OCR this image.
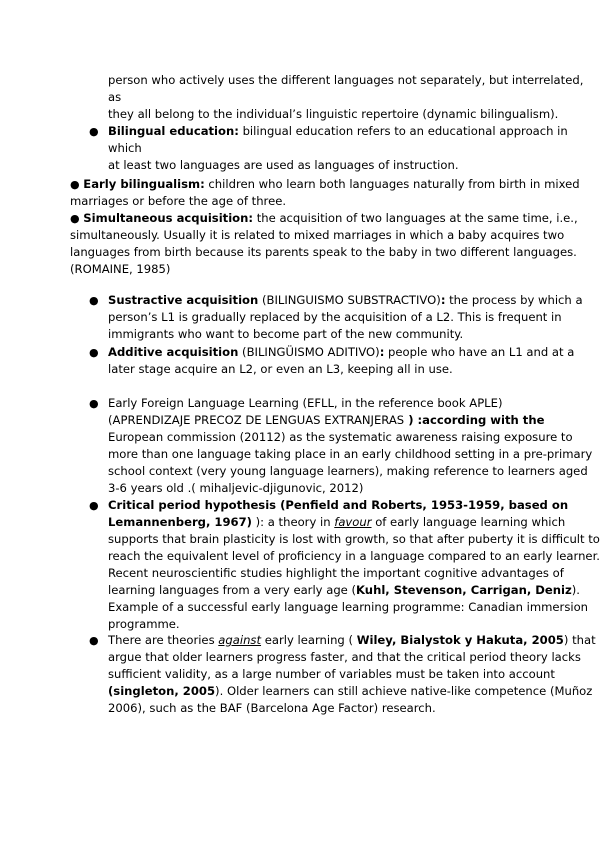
person who actively uses the different languages not separately, but interrelated, as
they all belong to the individual’s linguistic repertoire (dynamic bilingualism).
● Bilingual education: bilingual education refers to an educational approach in which
at least two languages are used as languages of instruction.
● Early bilingualism: children who learn both languages naturally from birth in mixed
marriages or before the age of three.
● Simultaneous acquisition: the acquisition of two languages at the same time, i.e.,
simultaneously. Usually it is related to mixed marriages in which a baby acquires two
languages from birth because its parents speak to the baby in two different languages.
(ROMAINE, 1985)
● Sustractive acquisition (BILINGUISMO SUBSTRACTIVO): the process by which a
person’s L1 is gradually replaced by the acquisition of a L2. This is frequent in
immigrants who want to become part of the new community.
● Additive acquisition (BILINGÜISMO ADITIVO): people who have an L1 and at a
later stage acquire an L2, or even an L3, keeping all in use.
● Early Foreign Language Learning (EFLL, in the reference book APLE)
(APRENDIZAJE PRECOZ DE LENGUAS EXTRANJERAS ) :according with the
European commission (20112) as the systematic awareness raising exposure to
more than one language taking place in an early childhood setting in a pre-primary
school context (very young language learners), making reference to learners aged
3-6 years old .( mihaljevic-djigunovic, 2012)
● Critical period hypothesis (Penfield and Roberts, 1953-1959, based on
Lemannenberg, 1967) ): a theory in favour of early language learning which
supports that brain plasticity is lost with growth, so that after puberty it is difficult to
reach the equivalent level of proficiency in a language compared to an early learner.
Recent neuroscientific studies highlight the important cognitive advantages of
learning languages from a very early age (Kuhl, Stevenson, Carrigan, Deniz).
Example of a successful early language learning programme: Canadian immersion
programme.
● There are theories against early learning ( Wiley, Bialystok y Hakuta, 2005) that
argue that older learners progress faster, and that the critical period theory lacks
sufficient validity, as a large number of variables must be taken into account
(singleton, 2005). Older learners can still achieve native-like competence (Muñoz
2006), such as the BAF (Barcelona Age Factor) research.
